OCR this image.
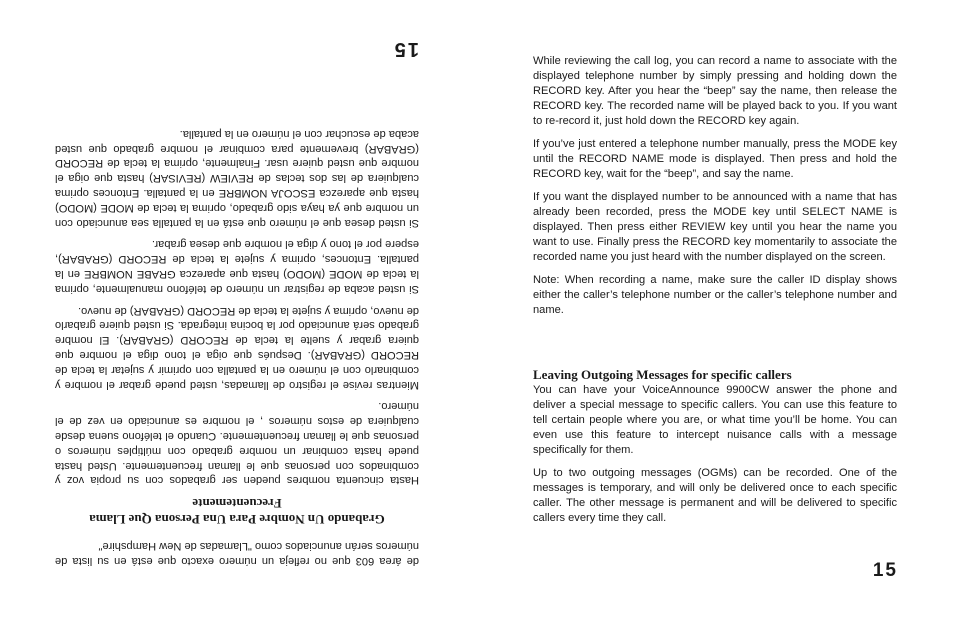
de área 603 que no refleja un número exacto que está en su lista de números serán anunciados como "Llamadas de New Hampshire"

Grabando Un Nombre Para Una Persona Que Llama Frecuentemente

Hasta cincuenta nombres pueden ser grabados con su propia voz y combinados con personas que le llaman frecuentemente. Usted hasta puede hasta combinar un nombre grabado con múltiples números o personas que le llaman frecuentemente. Cuando el teléfono suena desde cualquiera de estos números , el nombre es anunciado en vez de el número.

Mientras revise el registro de llamadas, usted puede grabar el nombre y combinarlo con el número en la pantalla con oprimir y sujetar la tecla de RECORD (GRABAR). Después que oiga el tono diga el nombre que quiera grabar y suelte la tecla de RECORD (GRABAR). El nombre grabado será anunciado por la bocina integrada. Si usted quiere grabarlo de nuevo, oprima y sujete la tecla de RECORD (GRABAR) de nuevo.

Si usted acaba de registrar un número de teléfono manualmente, oprima la tecla de MODE (MODO) hasta que aparezca GRABE NOMBRE en la pantalla. Entonces, oprima y sujete la tecla de RECORD (GRABAR), espere por el tono y diga el nombre que desea grabar.

Si usted desea que el número que está en la pantalla sea anunciado con un nombre que ya haya sido grabado, oprima la tecla de MODE (MODO) hasta que aparezca ESCOJA NOMBRE en la pantalla. Entonces oprima cualquiera de las dos teclas de REVIEW (REVISAR) hasta que oiga el nombre que usted quiere usar. Finalmente, oprima la tecla de RECORD (GRABAR) brevemente para combinar el nombre grabado que usted acaba de escuchar con el número en la pantalla.

15

While reviewing the call log, you can record a name to associate with the displayed telephone number by simply pressing and holding down the RECORD key. After you hear the “beep” say the name, then release the RECORD key. The recorded name will be played back to you. If you want to re-record it, just hold down the RECORD key again.

If you’ve just entered a telephone number manually, press the MODE key until the RECORD NAME mode is displayed. Then press and hold the RECORD key, wait for the “beep”, and say the name.

If you want the displayed number to be announced with a name that has already been recorded, press the MODE key until SELECT NAME is displayed. Then press either REVIEW key until you hear the name you want to use. Finally press the RECORD key momentarily to associate the recorded name you just heard with the number displayed on the screen.

Note: When recording a name, make sure the caller ID display shows either the caller’s telephone number or the caller’s telephone number and name.

Leaving Outgoing Messages for specific callers

You can have your VoiceAnnounce 9900CW answer the phone and deliver a special message to specific callers. You can use this feature to tell certain people where you are, or what time you’ll be home. You can even use this feature to intercept nuisance calls with a message specifically for them.

Up to two outgoing messages (OGMs) can be recorded. One of the messages is temporary, and will only be delivered once to each specific caller. The other message is permanent and will be delivered to specific callers every time they call.

15
